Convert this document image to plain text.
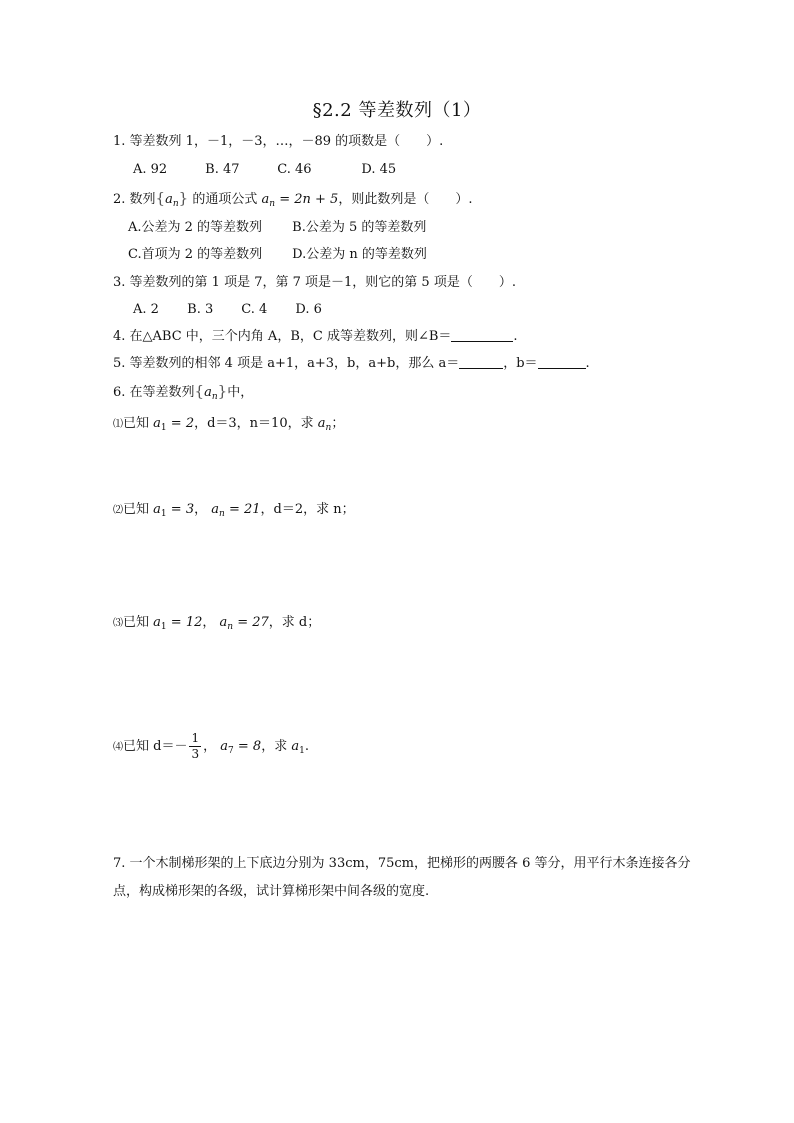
§2.2 等差数列（1）
1. 等差数列 1，－1，－3，…，－89 的项数是（　　）.
A. 92	B. 47	C. 46	D. 45
2. 数列$\{a_n\}$ 的通项公式 $a_n = 2n + 5$，则此数列是（　　）.
A.公差为 2 的等差数列 B.公差为 5 的等差数列
C.首项为 2 的等差数列 D.公差为 n 的等差数列
3. 等差数列的第 1 项是 7，第 7 项是－1，则它的第 5 项是（　　）.
A. 2 B. 3 C. 4 D. 6
4. 在△ABC 中，三个内角 A，B，C 成等差数列，则∠B＝	.
5. 等差数列的相邻 4 项是 a+1，a+3，b，a+b，那么 a＝	，b＝	.
6. 在等差数列$\{a_n\}$中，
⑴已知 $a_1 = 2$，d＝3，n＝10，求 $a_n$；
⑵已知 $a_1 = 3$， $a_n = 21$，d＝2，求 n；
⑶已知 $a_1 = 12$， $a_n = 27$，求 d；
⑷已知 $d=- \frac{1}{3}$ ， $a_7 = 8$，求 $a_1$.
7. 一个木制梯形架的上下底边分别为 33cm，75cm，把梯形的两腰各 6 等分，用平行木条连接各分点，构成梯形架的各级，试计算梯形架中间各级的宽度.
